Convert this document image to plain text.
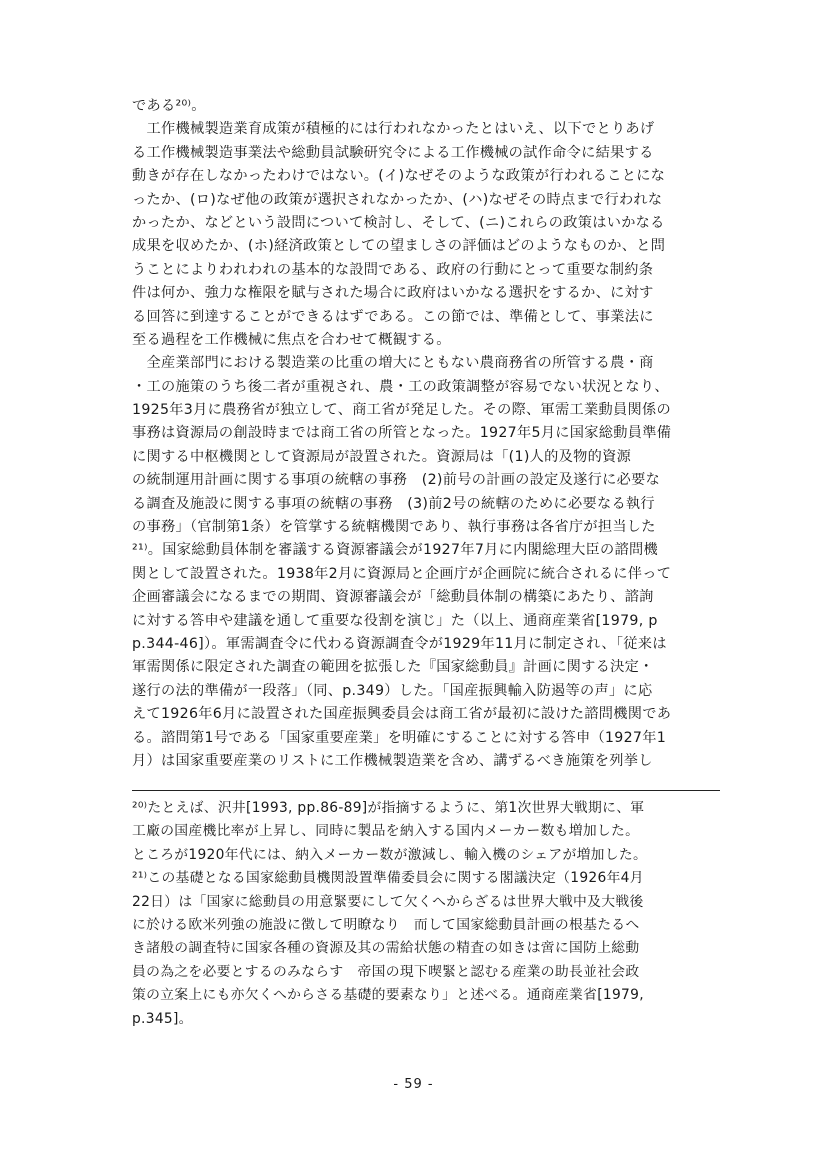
である²⁰⁾。
　工作機械製造業育成策が積極的には行われなかったとはいえ、以下でとりあげ
る工作機械製造事業法や総動員試験研究令による工作機械の試作命令に結果する
動きが存在しなかったわけではない。(イ)なぜそのような政策が行われることにな
ったか、(ロ)なぜ他の政策が選択されなかったか、(ハ)なぜその時点まで行われな
かったか、などという設問について検討し、そして、(ニ)これらの政策はいかなる
成果を収めたか、(ホ)経済政策としての望ましさの評価はどのようなものか、と問
うことによりわれわれの基本的な設問である、政府の行動にとって重要な制約条
件は何か、強力な権限を賦与された場合に政府はいかなる選択をするか、に対す
る回答に到達することができるはずである。この節では、準備として、事業法に
至る過程を工作機械に焦点を合わせて概観する。
　全産業部門における製造業の比重の増大にともない農商務省の所管する農・商
・工の施策のうち後二者が重視され、農・工の政策調整が容易でない状況となり、
1925年3月に農務省が独立して、商工省が発足した。その際、軍需工業動員関係の
事務は資源局の創設時までは商工省の所管となった。1927年5月に国家総動員準備
に関する中枢機関として資源局が設置された。資源局は「(1)人的及物的資源
の統制運用計画に関する事項の統轄の事務　(2)前号の計画の設定及遂行に必要な
る調査及施設に関する事項の統轄の事務　(3)前2号の統轄のために必要なる執行
の事務」（官制第1条）を管掌する統轄機関であり、執行事務は各省庁が担当した
²¹⁾。国家総動員体制を審議する資源審議会が1927年7月に内閣総理大臣の諮問機
関として設置された。1938年2月に資源局と企画庁が企画院に統合されるに伴って
企画審議会になるまでの期間、資源審議会が「総動員体制の構築にあたり、諮詢
に対する答申や建議を通して重要な役割を演じ」た（以上、通商産業省[1979, p
p.344-46]）。軍需調査令に代わる資源調査令が1929年11月に制定され、「従来は
軍需関係に限定された調査の範囲を拡張した『国家総動員』計画に関する決定・
遂行の法的準備が一段落」（同、p.349）した。「国産振興輸入防遏等の声」に応
えて1926年6月に設置された国産振興委員会は商工省が最初に設けた諮問機関であ
る。諮問第1号である「国家重要産業」を明確にすることに対する答申（1927年1
月）は国家重要産業のリストに工作機械製造業を含め、講ずるべき施策を列挙し
²⁰⁾たとえば、沢井[1993, pp.86-89]が指摘するように、第1次世界大戦期に、軍
工廠の国産機比率が上昇し、同時に製品を納入する国内メーカー数も増加した。
ところが1920年代には、納入メーカー数が激減し、輸入機のシェアが増加した。
²¹⁾この基礎となる国家総動員機関設置準備委員会に関する閣議決定（1926年4月
22日）は「国家に総動員の用意緊要にして欠くへからざるは世界大戦中及大戦後
に於ける欧米列強の施設に徴して明瞭なり　而して国家総動員計画の根基たるへ
き諸般の調査特に国家各種の資源及其の需給状態の精査の如きは啻に国防上総動
員の為之を必要とするのみならす　帝国の現下喫緊と認むる産業の助長並社会政
策の立案上にも亦欠くへからさる基礎的要素なり」と述べる。通商産業省[1979,
p.345]。
- 59 -
